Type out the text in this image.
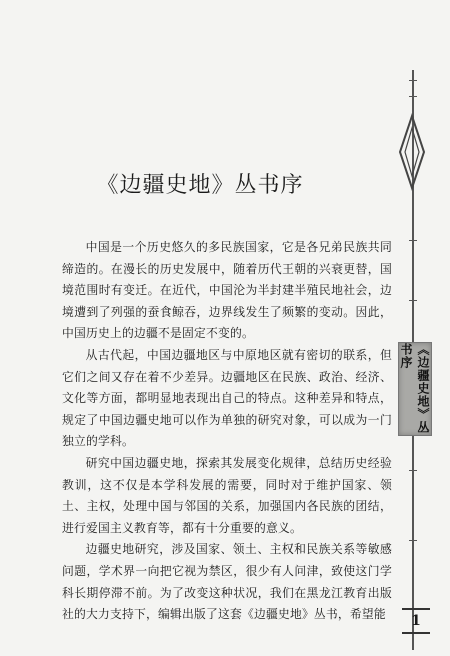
《边疆史地》丛书序

中国是一个历史悠久的多民族国家，它是各兄弟民族共同缔造的。在漫长的历史发展中，随着历代王朝的兴衰更替，国境范围时有变迁。在近代，中国沦为半封建半殖民地社会，边境遭到了列强的蚕食鲸吞，边界线发生了频繁的变动。因此，中国历史上的边疆不是固定不变的。

从古代起，中国边疆地区与中原地区就有密切的联系，但它们之间又存在着不少差异。边疆地区在民族、政治、经济、文化等方面，都明显地表现出自己的特点。这种差异和特点，规定了中国边疆史地可以作为单独的研究对象，可以成为一门独立的学科。

研究中国边疆史地，探索其发展变化规律，总结历史经验教训，这不仅是本学科发展的需要，同时对于维护国家、领土、主权，处理中国与邻国的关系，加强国内各民族的团结，进行爱国主义教育等，都有十分重要的意义。

边疆史地研究，涉及国家、领土、主权和民族关系等敏感问题，学术界一向把它视为禁区，很少有人问津，致使这门学科长期停滞不前。为了改变这种状况，我们在黑龙江教育出版社的大力支持下，编辑出版了这套《边疆史地》丛书，希望能

《边疆史地》丛书序
1
